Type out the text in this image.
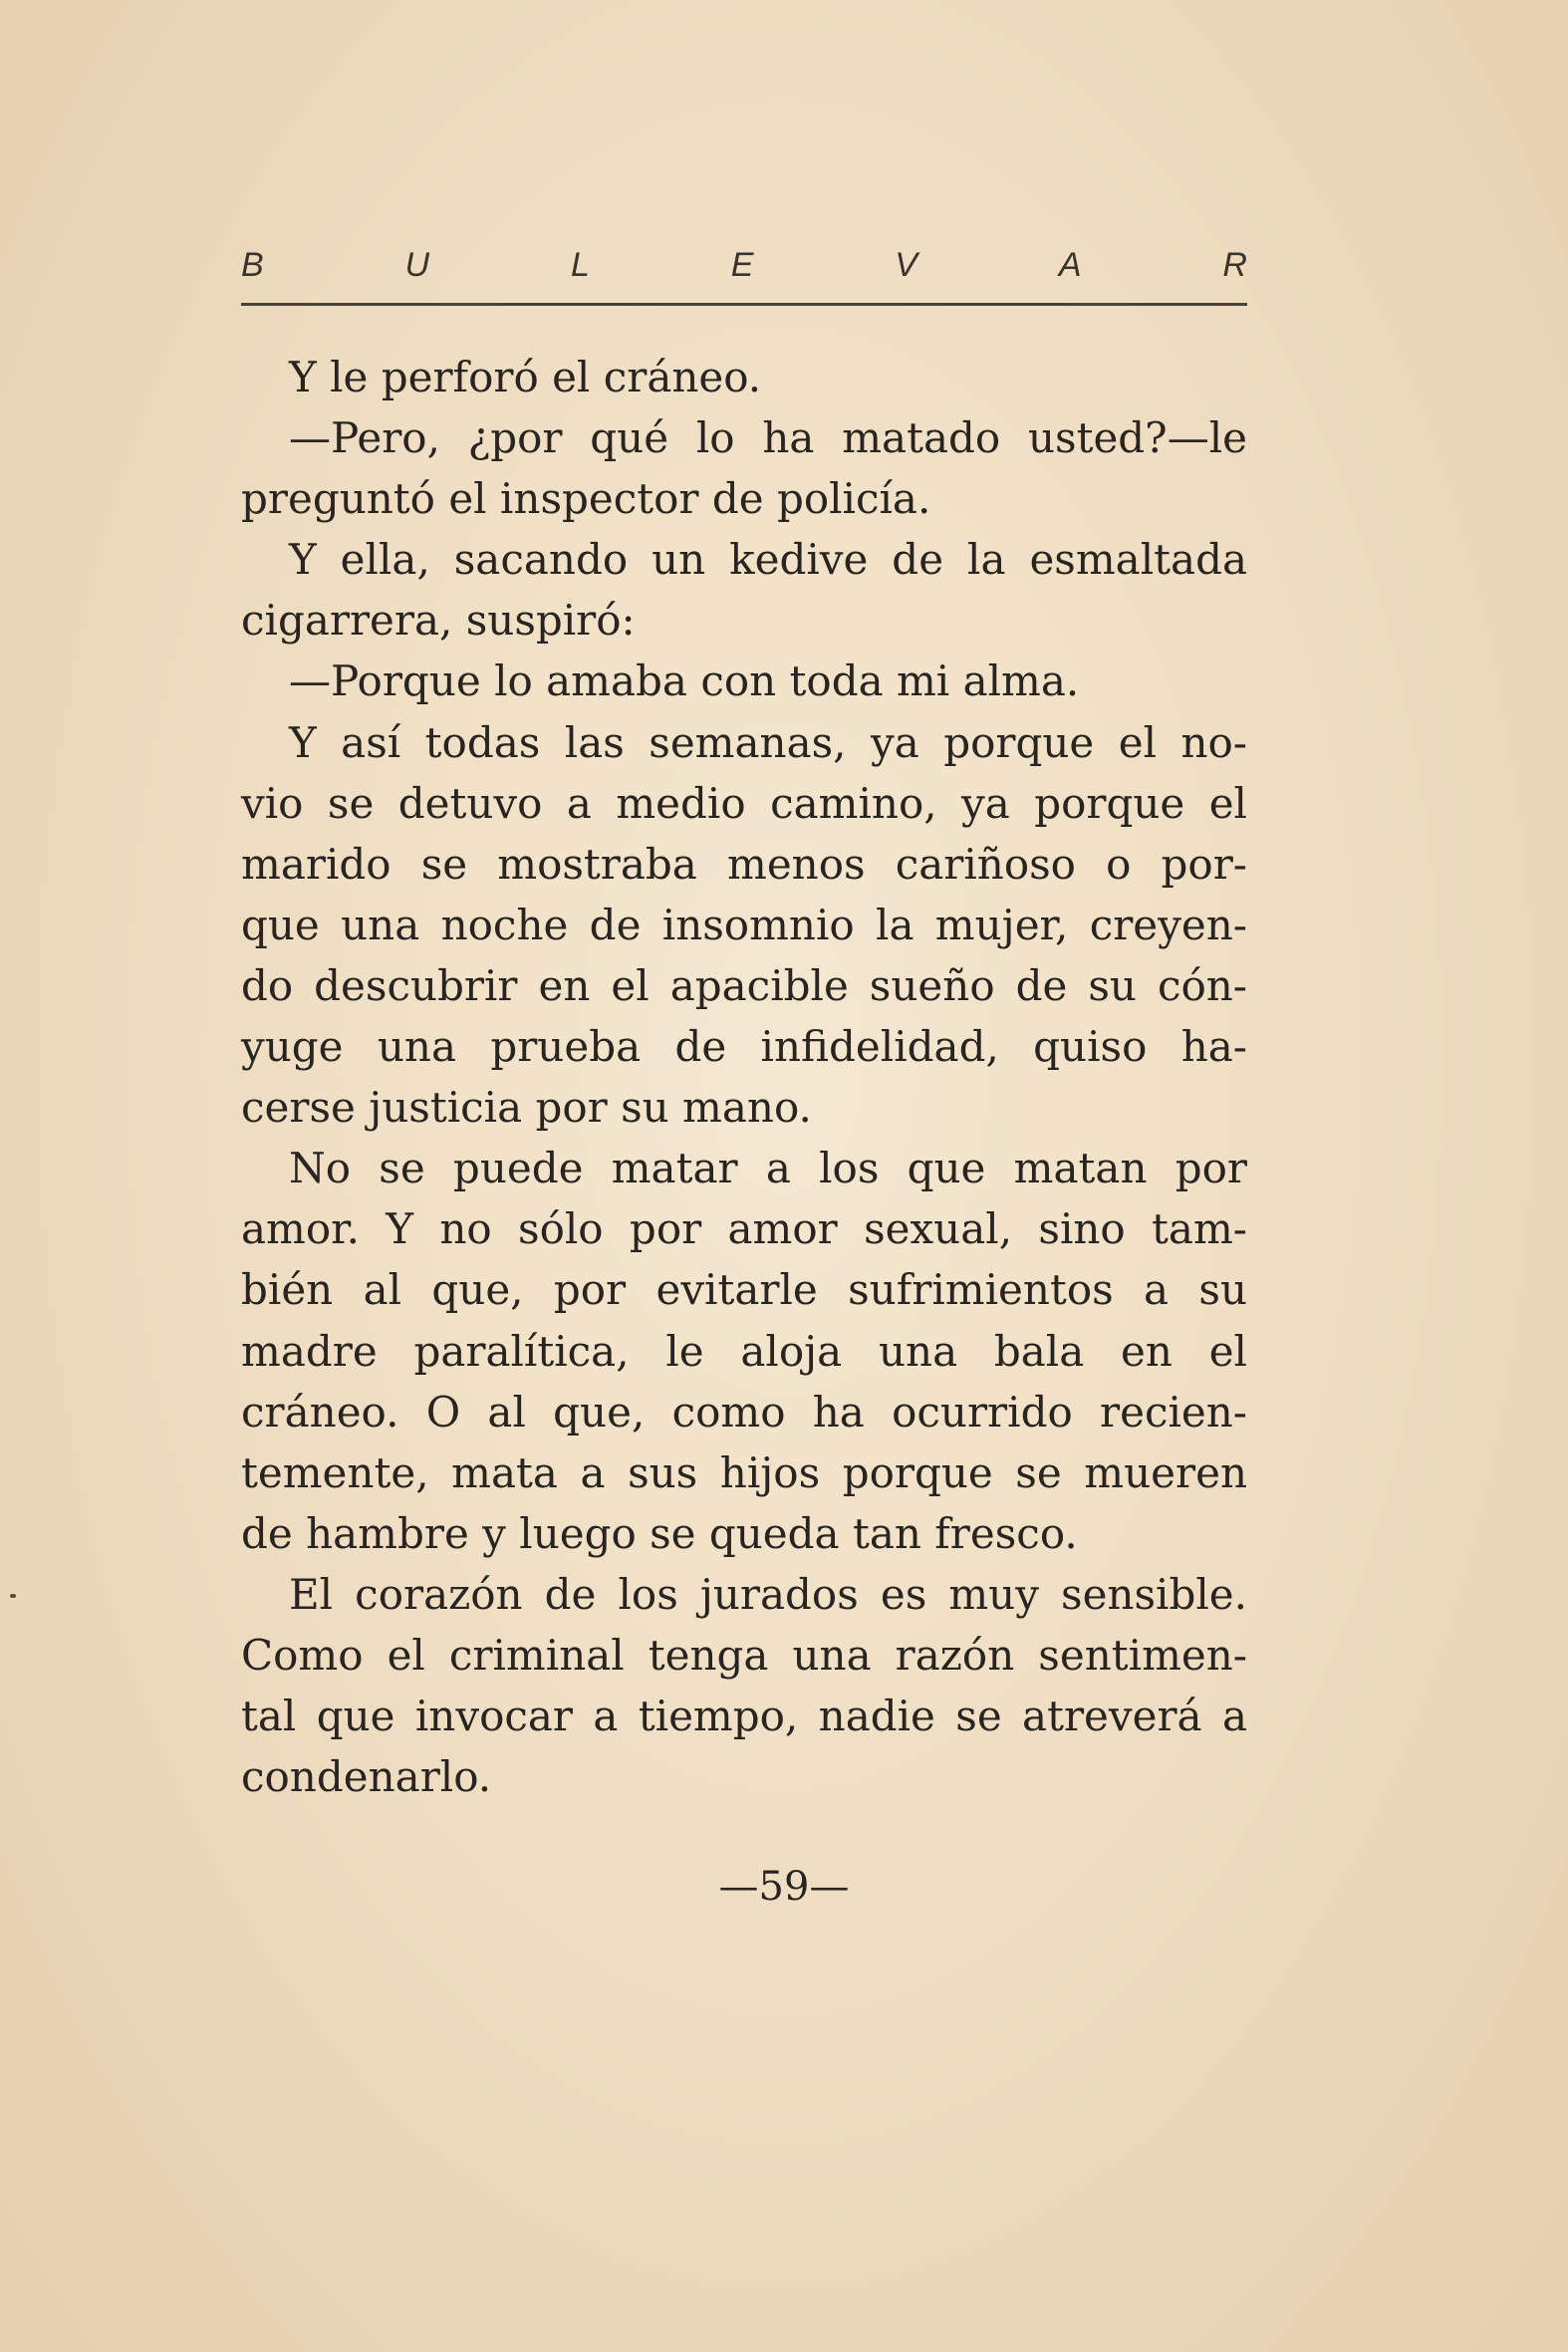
B	U	L	E	V	A	R
Y le perforó el cráneo.
—Pero, ¿por qué lo ha matado usted?—le
preguntó el inspector de policía.
Y ella, sacando un kedive de la esmaltada
cigarrera, suspiró:
—Porque lo amaba con toda mi alma.
Y así todas las semanas, ya porque el no-
vio se detuvo a medio camino, ya porque el
marido se mostraba menos cariñoso o por-
que una noche de insomnio la mujer, creyen-
do descubrir en el apacible sueño de su cón-
yuge una prueba de infidelidad, quiso ha-
cerse justicia por su mano.
No se puede matar a los que matan por
amor. Y no sólo por amor sexual, sino tam-
bién al que, por evitarle sufrimientos a su
madre paralítica, le aloja una bala en el
cráneo. O al que, como ha ocurrido recien-
temente, mata a sus hijos porque se mueren
de hambre y luego se queda tan fresco.
El corazón de los jurados es muy sensible.
Como el criminal tenga una razón sentimen-
tal que invocar a tiempo, nadie se atreverá a
condenarlo.
—59—
